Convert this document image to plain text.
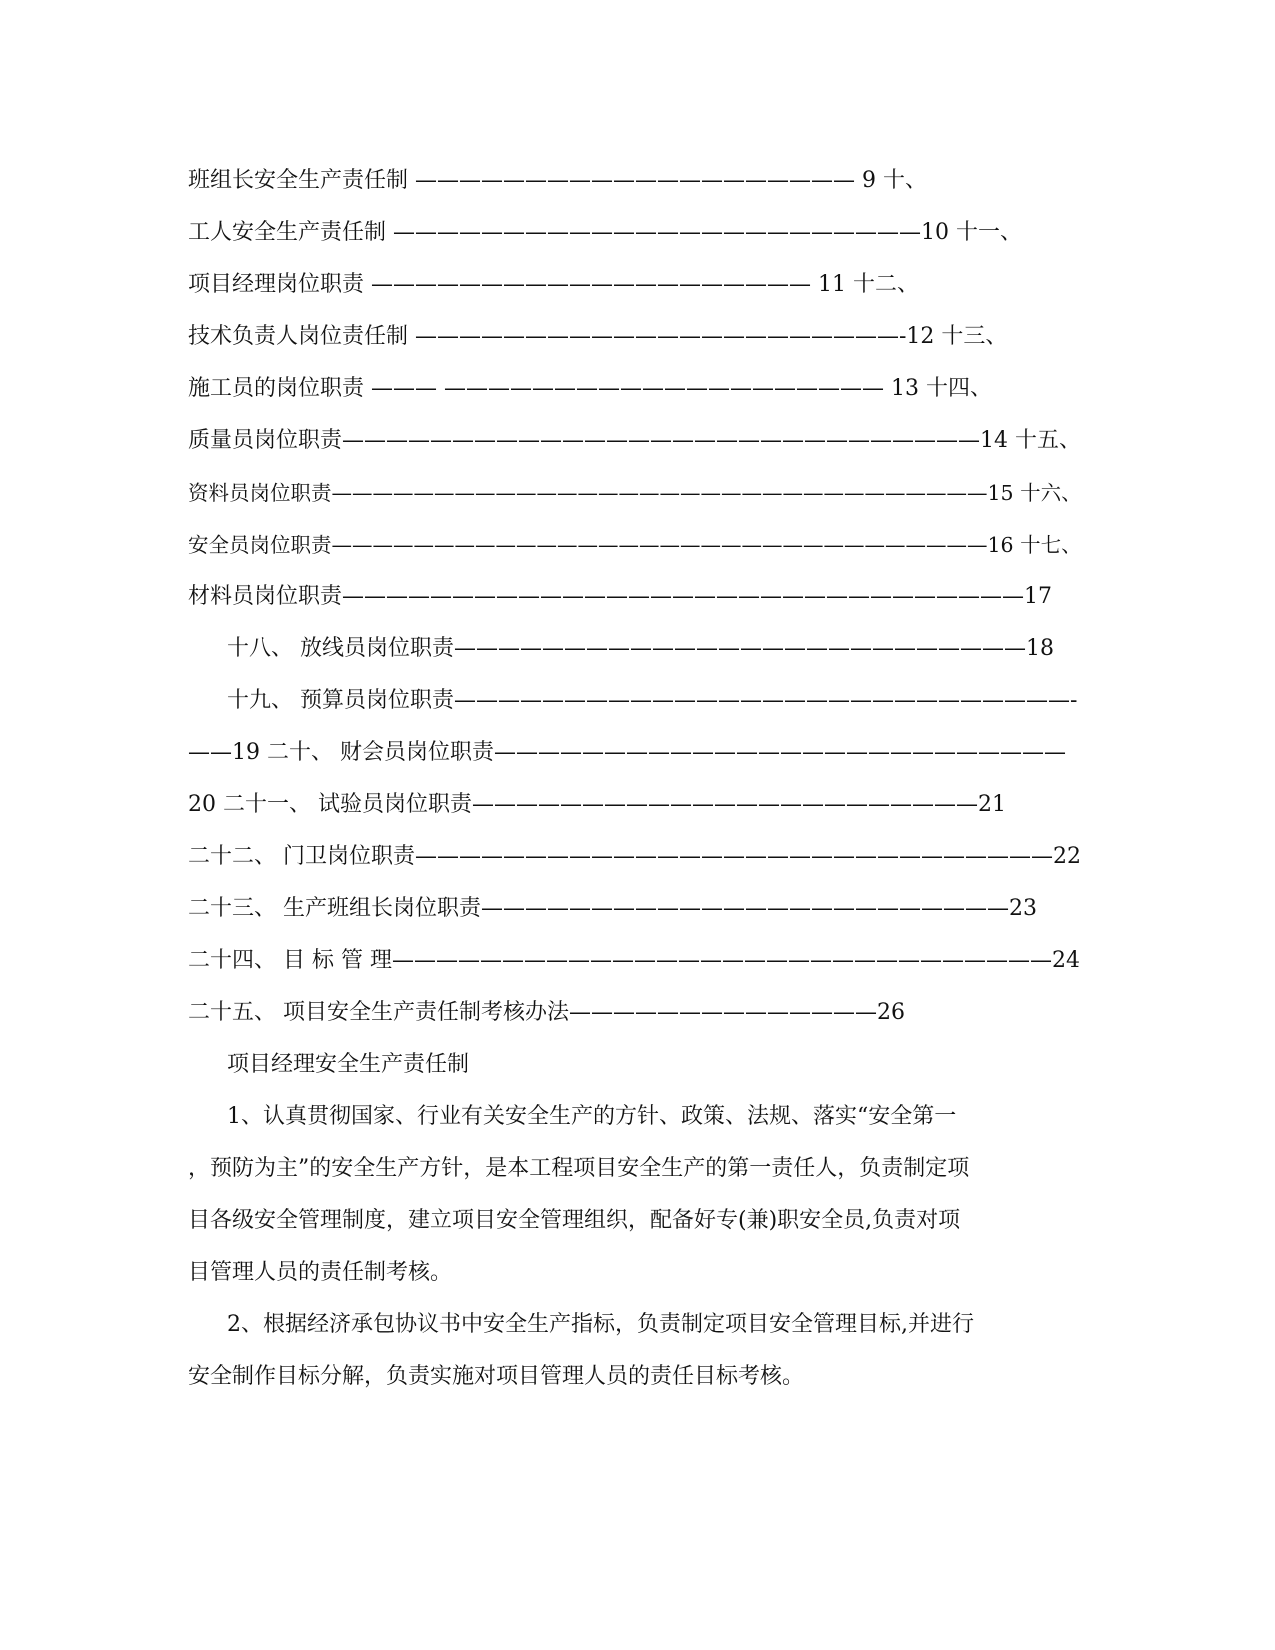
班组长安全生产责任制 ———————————————————— 9 十、
工人安全生产责任制 ————————————————————————10 十一、
项目经理岗位职责 ———————————————————— 11 十二、
技术负责人岗位责任制 ——————————————————————-12 十三、
施工员的岗位职责 ——— ———————————————————— 13 十四、
质量员岗位职责—————————————————————————————14 十五、
资料员岗位职责————————————————————————————————15 十六、
安全员岗位职责————————————————————————————————16 十七、
材料员岗位职责———————————————————————————————17
十八、 放线员岗位职责——————————————————————————18
十九、 预算员岗位职责————————————————————————————-
——19 二十、 财会员岗位职责——————————————————————————
20 二十一、 试验员岗位职责———————————————————————21
二十二、 门卫岗位职责—————————————————————————————22
二十三、 生产班组长岗位职责————————————————————————23
二十四、 目 标 管 理——————————————————————————————24
二十五、 项目安全生产责任制考核办法——————————————26
项目经理安全生产责任制
1、认真贯彻国家、行业有关安全生产的方针、政策、法规、落实“安全第一
，预防为主”的安全生产方针，是本工程项目安全生产的第一责任人，负责制定项
目各级安全管理制度，建立项目安全管理组织，配备好专(兼)职安全员,负责对项
目管理人员的责任制考核。
2、根据经济承包协议书中安全生产指标，负责制定项目安全管理目标,并进行
安全制作目标分解，负责实施对项目管理人员的责任目标考核。
